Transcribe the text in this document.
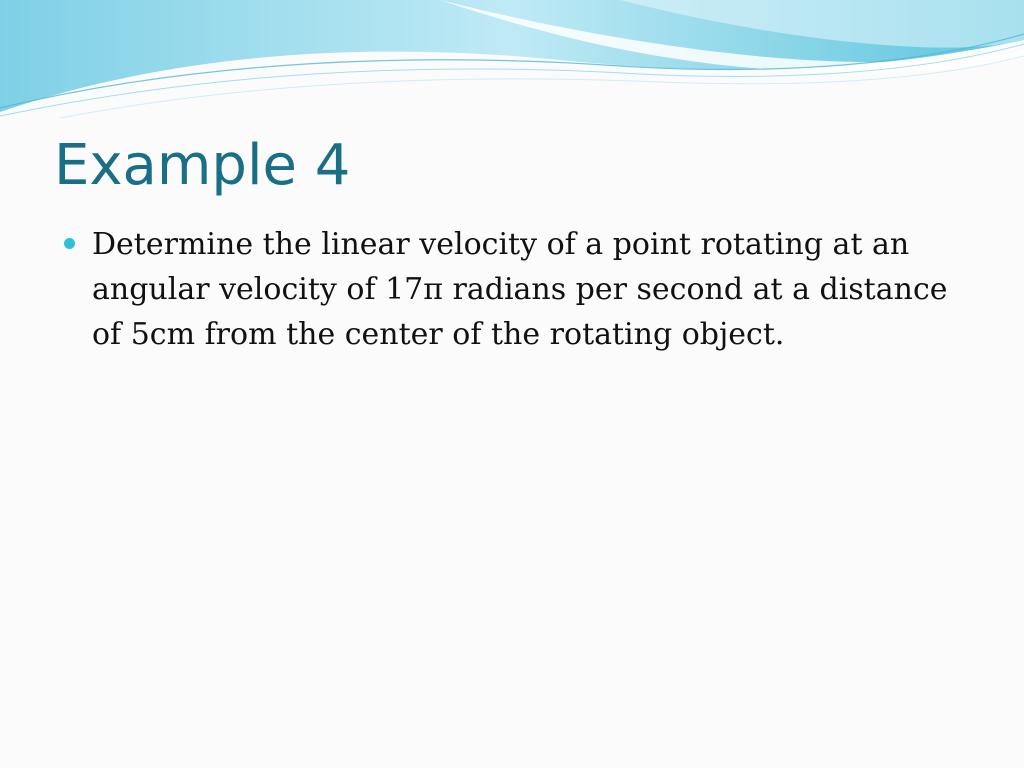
Example 4
Determine the linear velocity of a point rotating at an angular velocity of 17π radians per second at a distance of 5cm from the center of the rotating object.
